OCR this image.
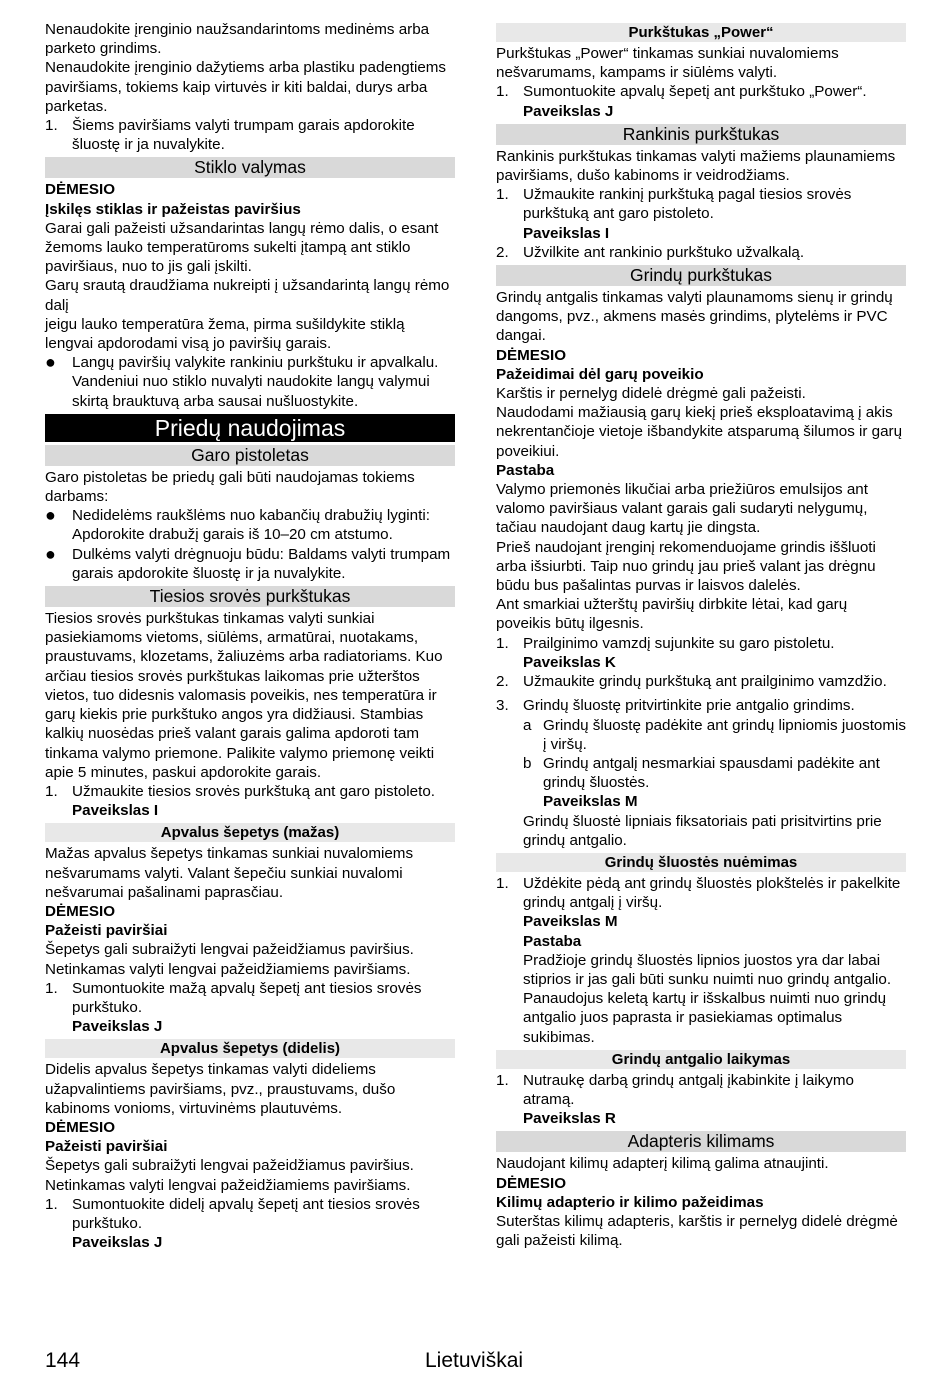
Nenaudokite įrenginio naužsandarintoms medinėms arba parketo grindims.

Nenaudokite įrenginio dažytiems arba plastiku padengtiems paviršiams, tokiems kaip virtuvės ir kiti baldai, durys arba parketas.

1. Šiems paviršiams valyti trumpam garais apdorokite šluostę ir ja nuvalykite.
Stiklo valymas

DĖMESIO

Įskilęs stiklas ir pažeistas paviršius

Garai gali pažeisti užsandarintas langų rėmo dalis, o esant žemoms lauko temperatūroms sukelti įtampą ant stiklo paviršiaus, nuo to jis gali įskilti.

Garų srautą draudžiama nukreipti į užsandarintą langų rėmo dalį

jeigu lauko temperatūra žema, pirma sušildykite stiklą lengvai apdorodami visą jo paviršių garais.

●	Langų paviršių valykite rankiniu purkštuku ir apvalkalu. Vandeniui nuo stiklo nuvalyti naudokite langų valymui skirtą brauktuvą arba sausai nušluostykite.
Priedų naudojimas
Garo pistoletas

Garo pistoletas be priedų gali būti naudojamas tokiems darbams:

●	Nedidelėms raukšlėms nuo kabančių drabužių lyginti: Apdorokite drabužį garais iš 10–20 cm atstumo.
●	Dulkėms valyti drėgnuoju būdu: Baldams valyti trumpam garais apdorokite šluostę ir ja nuvalykite.
Tiesios srovės purkštukas

Tiesios srovės purkštukas tinkamas valyti sunkiai pasiekiamoms vietoms, siūlėms, armatūrai, nuotakams, praustuvams, klozetams, žaliuzėms arba radiatoriams. Kuo arčiau tiesios srovės purkštukas laikomas prie užterštos vietos, tuo didesnis valomasis poveikis, nes temperatūra ir garų kiekis prie purkštuko angos yra didžiausi. Stambias kalkių nuosėdas prieš valant garais galima apdoroti tam tinkama valymo priemone. Palikite valymo priemonę veikti apie 5 minutes, paskui apdorokite garais.

1. Užmaukite tiesios srovės purkštuką ant garo pistoleto.
Paveikslas I
Apvalus šepetys (mažas)

Mažas apvalus šepetys tinkamas sunkiai nuvalomiems nešvarumams valyti. Valant šepečiu sunkiai nuvalomi nešvarumai pašalinami paprasčiau.

DĖMESIO

Pažeisti paviršiai

Šepetys gali subraižyti lengvai pažeidžiamus paviršius. Netinkamas valyti lengvai pažeidžiamiems paviršiams.

1. Sumontuokite mažą apvalų šepetį ant tiesios srovės purkštuko.
Paveikslas J
Apvalus šepetys (didelis)

Didelis apvalus šepetys tinkamas valyti dideliems užapvalintiems paviršiams, pvz., praustuvams, dušo kabinoms vonioms, virtuvinėms plautuvėms.

DĖMESIO

Pažeisti paviršiai

Šepetys gali subraižyti lengvai pažeidžiamus paviršius. Netinkamas valyti lengvai pažeidžiamiems paviršiams.

1. Sumontuokite didelį apvalų šepetį ant tiesios srovės purkštuko.
Paveikslas J
Purkštukas „Power“

Purkštukas „Power“ tinkamas sunkiai nuvalomiems nešvarumams, kampams ir siūlėms valyti.

1. Sumontuokite apvalų šepetį ant purkštuko „Power“.
Paveikslas J
Rankinis purkštukas

Rankinis purkštukas tinkamas valyti mažiems plaunamiems paviršiams, dušo kabinoms ir veidrodžiams.

1. Užmaukite rankinį purkštuką pagal tiesios srovės purkštuką ant garo pistoleto.
Paveikslas I
2. Užvilkite ant rankinio purkštuko užvalkalą.
Grindų purkštukas

Grindų antgalis tinkamas valyti plaunamoms sienų ir grindų dangoms, pvz., akmens masės grindims, plytelėms ir PVC dangai.

DĖMESIO

Pažeidimai dėl garų poveikio

Karštis ir pernelyg didelė drėgmė gali pažeisti.

Naudodami mažiausią garų kiekį prieš eksploatavimą į akis nekrentančioje vietoje išbandykite atsparumą šilumos ir garų poveikiui.

Pastaba

Valymo priemonės likučiai arba priežiūros emulsijos ant valomo paviršiaus valant garais gali sudaryti nelygumų, tačiau naudojant daug kartų jie dingsta.

Prieš naudojant įrenginį rekomenduojame grindis iššluoti arba išsiurbti. Taip nuo grindų jau prieš valant jas drėgnu būdu bus pašalintas purvas ir laisvos dalelės.

Ant smarkiai užterštų paviršių dirbkite lėtai, kad garų poveikis būtų ilgesnis.

1. Prailginimo vamzdį sujunkite su garo pistoletu.
Paveikslas K
2. Užmaukite grindų purkštuką ant prailginimo vamzdžio.
3. Grindų šluostę pritvirtinkite prie antgalio grindims.
a Grindų šluostę padėkite ant grindų lipniomis juostomis į viršų.
b Grindų antgalį nesmarkiai spausdami padėkite ant grindų šluostės.
Paveikslas M
Grindų šluostė lipniais fiksatoriais pati prisitvirtins prie grindų antgalio.
Grindų šluostės nuėmimas
1. Uždėkite pėdą ant grindų šluostės plokštelės ir pakelkite grindų antgalį į viršų.
Paveikslas M
Pastaba
Pradžioje grindų šluostės lipnios juostos yra dar labai stiprios ir jas gali būti sunku nuimti nuo grindų antgalio. Panaudojus keletą kartų ir išskalbus nuimti nuo grindų antgalio juos paprasta ir pasiekiamas optimalus sukibimas.
Grindų antgalio laikymas
1. Nutraukę darbą grindų antgalį įkabinkite į laikymo atramą.
Paveikslas R
Adapteris kilimams

Naudojant kilimų adapterį kilimą galima atnaujinti.

DĖMESIO

Kilimų adapterio ir kilimo pažeidimas

Suterštas kilimų adapteris, karštis ir pernelyg didelė drėgmė gali pažeisti kilimą.

144	Lietuviškai
